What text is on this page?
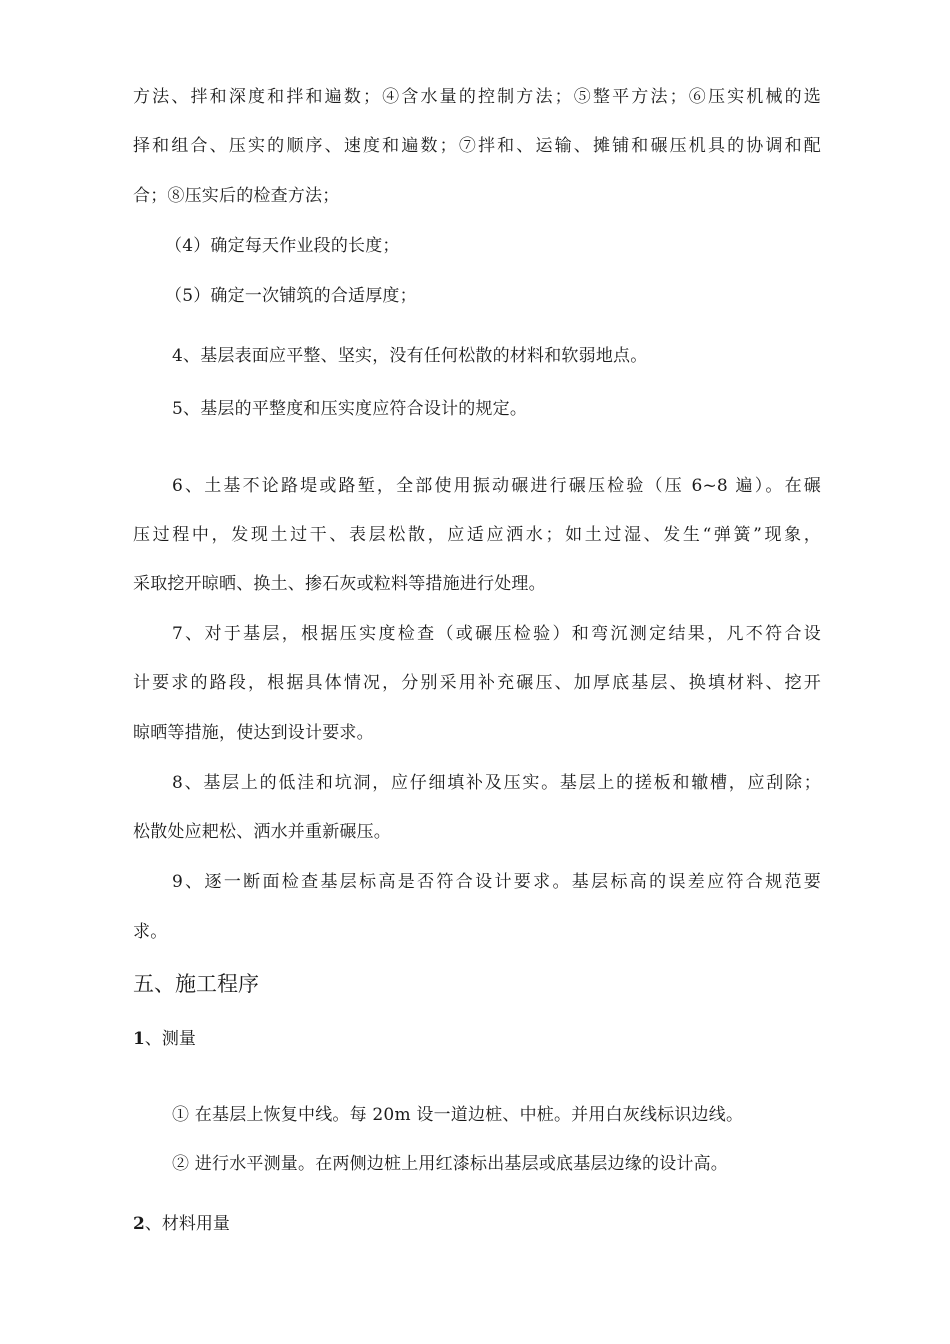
方法、拌和深度和拌和遍数；④含水量的控制方法；⑤整平方法；⑥压实机械的选
择和组合、压实的顺序、速度和遍数；⑦拌和、运输、摊铺和碾压机具的协调和配
合；⑧压实后的检查方法；
（4）确定每天作业段的长度；
（5）确定一次铺筑的合适厚度；
4、基层表面应平整、坚实，没有任何松散的材料和软弱地点。
5、基层的平整度和压实度应符合设计的规定。
6、土基不论路堤或路堑，全部使用振动碾进行碾压检验（压 6~8 遍）。在碾
压过程中，发现土过干、表层松散，应适应洒水；如土过湿、发生“弹簧”现象，
采取挖开晾晒、换土、掺石灰或粒料等措施进行处理。
7、对于基层，根据压实度检查（或碾压检验）和弯沉测定结果，凡不符合设
计要求的路段，根据具体情况，分别采用补充碾压、加厚底基层、换填材料、挖开
晾晒等措施，使达到设计要求。
8、基层上的低洼和坑洞，应仔细填补及压实。基层上的搓板和辙槽，应刮除；
松散处应耙松、洒水并重新碾压。
9、逐一断面检查基层标高是否符合设计要求。基层标高的误差应符合规范要
求。
五、施工程序
1、测量
① 在基层上恢复中线。每 20m 设一道边桩、中桩。并用白灰线标识边线。
② 进行水平测量。在两侧边桩上用红漆标出基层或底基层边缘的设计高。
2、材料用量
